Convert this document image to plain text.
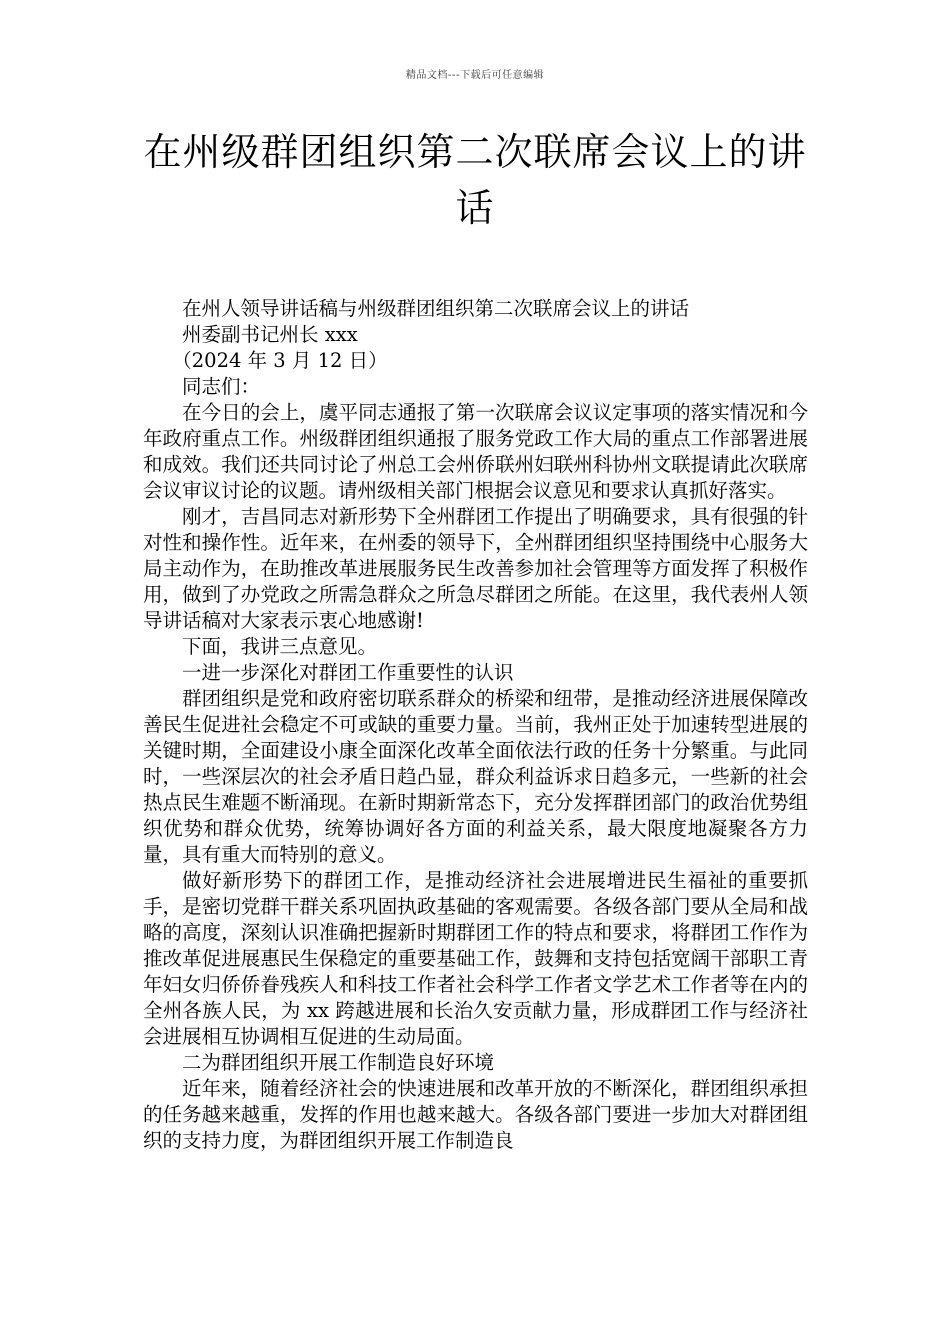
精品文档---下载后可任意编辑
在州级群团组织第二次联席会议上的讲话

在州人领导讲话稿与州级群团组织第二次联席会议上的讲话

州委副书记州长 xxx

（2024 年 3 月 12 日）

同志们：

在今日的会上，虞平同志通报了第一次联席会议议定事项的落实情况和今年政府重点工作。州级群团组织通报了服务党政工作大局的重点工作部署进展和成效。我们还共同讨论了州总工会州侨联州妇联州科协州文联提请此次联席会议审议讨论的议题。请州级相关部门根据会议意见和要求认真抓好落实。

刚才，吉昌同志对新形势下全州群团工作提出了明确要求，具有很强的针对性和操作性。近年来，在州委的领导下，全州群团组织坚持围绕中心服务大局主动作为，在助推改革进展服务民生改善参加社会管理等方面发挥了积极作用，做到了办党政之所需急群众之所急尽群团之所能。在这里，我代表州人领导讲话稿对大家表示衷心地感谢!

下面，我讲三点意见。

一进一步深化对群团工作重要性的认识

群团组织是党和政府密切联系群众的桥梁和纽带，是推动经济进展保障改善民生促进社会稳定不可或缺的重要力量。当前，我州正处于加速转型进展的关键时期，全面建设小康全面深化改革全面依法行政的任务十分繁重。与此同时，一些深层次的社会矛盾日趋凸显，群众利益诉求日趋多元，一些新的社会热点民生难题不断涌现。在新时期新常态下，充分发挥群团部门的政治优势组织优势和群众优势，统筹协调好各方面的利益关系，最大限度地凝聚各方力量，具有重大而特别的意义。

做好新形势下的群团工作，是推动经济社会进展增进民生福祉的重要抓手，是密切党群干群关系巩固执政基础的客观需要。各级各部门要从全局和战略的高度，深刻认识准确把握新时期群团工作的特点和要求，将群团工作作为推改革促进展惠民生保稳定的重要基础工作，鼓舞和支持包括宽阔干部职工青年妇女归侨侨眷残疾人和科技工作者社会科学工作者文学艺术工作者等在内的全州各族人民，为 xx 跨越进展和长治久安贡献力量，形成群团工作与经济社会进展相互协调相互促进的生动局面。

二为群团组织开展工作制造良好环境

近年来，随着经济社会的快速进展和改革开放的不断深化，群团组织承担的任务越来越重，发挥的作用也越来越大。各级各部门要进一步加大对群团组织的支持力度，为群团组织开展工作制造良
